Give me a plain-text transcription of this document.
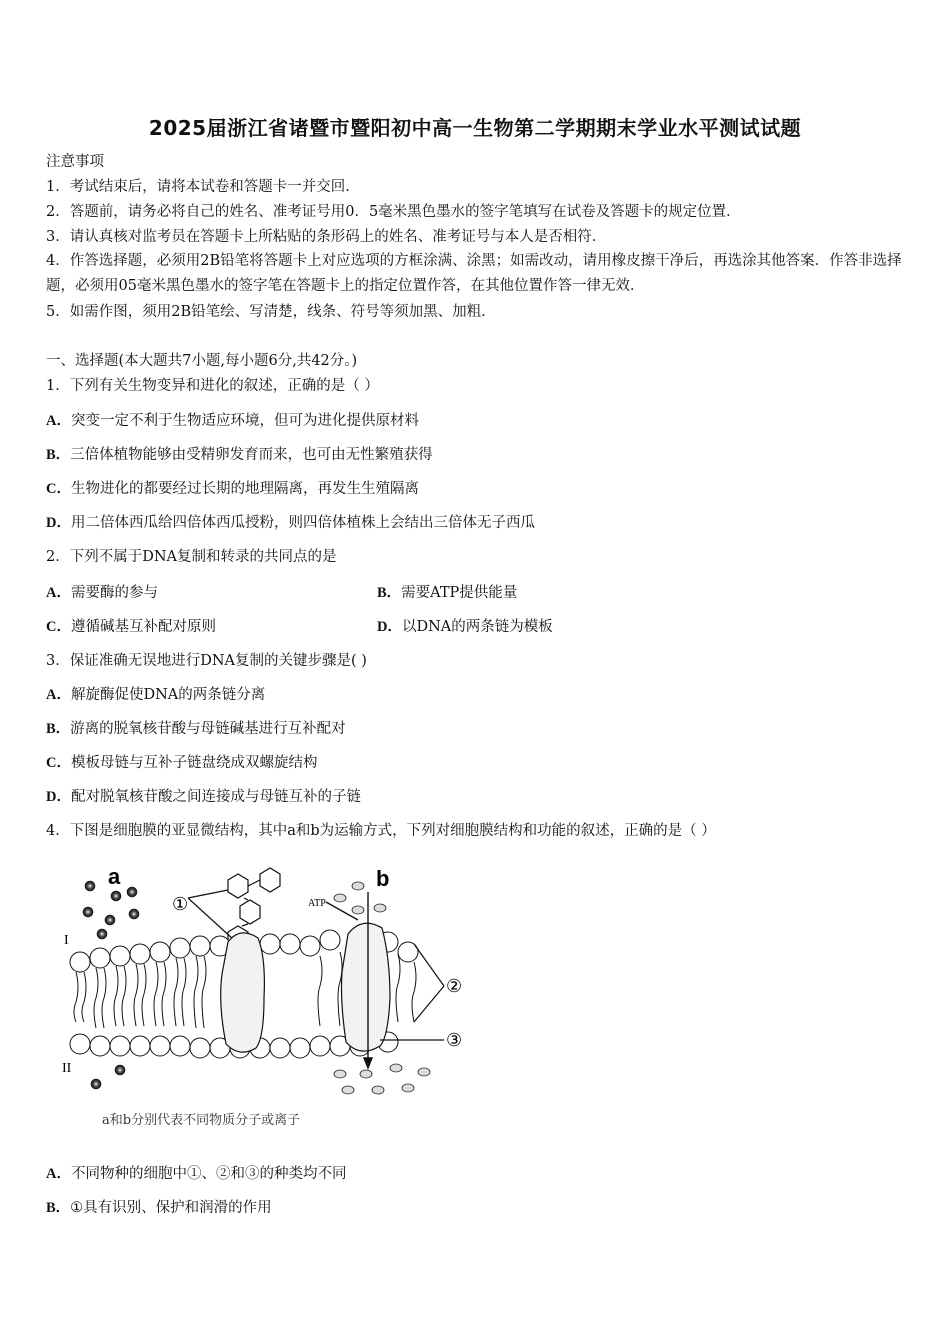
2025届浙江省诸暨市暨阳初中高一生物第二学期期末学业水平测试试题
注意事项
1．考试结束后，请将本试卷和答题卡一并交回．
2．答题前，请务必将自己的姓名、准考证号用0．5毫米黑色墨水的签字笔填写在试卷及答题卡的规定位置．
3．请认真核对监考员在答题卡上所粘贴的条形码上的姓名、准考证号与本人是否相符．
4．作答选择题，必须用2B铅笔将答题卡上对应选项的方框涂满、涂黑；如需改动，请用橡皮擦干净后，再选涂其他答案．作答非选择题，必须用05毫米黑色墨水的签字笔在答题卡上的指定位置作答，在其他位置作答一律无效．
5．如需作图，须用2B铅笔绘、写清楚，线条、符号等须加黑、加粗．
一、选择题(本大题共7小题,每小题6分,共42分。)
1．下列有关生物变异和进化的叙述，正确的是（ ）
A．突变一定不利于生物适应环境，但可为进化提供原材料
B．三倍体植物能够由受精卵发育而来，也可由无性繁殖获得
C．生物进化的都要经过长期的地理隔离，再发生生殖隔离
D．用二倍体西瓜给四倍体西瓜授粉，则四倍体植株上会结出三倍体无子西瓜
2．下列不属于DNA复制和转录的共同点的是
A．需要酶的参与	B．需要ATP提供能量
C．遵循碱基互补配对原则	D．以DNA的两条链为模板
3．保证准确无误地进行DNA复制的关键步骤是( )
A．解旋酶促使DNA的两条链分离
B．游离的脱氧核苷酸与母链碱基进行互补配对
C．模板母链与互补子链盘绕成双螺旋结构
D．配对脱氧核苷酸之间连接成与母链互补的子链
4．下图是细胞膜的亚显微结构，其中a和b为运输方式，下列对细胞膜结构和功能的叙述，正确的是（ ）
a	b
I
II
ATP
①
②
③
a和b分别代表不同物质分子或离子
A．不同物种的细胞中①、②和③的种类均不同
B．①具有识别、保护和润滑的作用
